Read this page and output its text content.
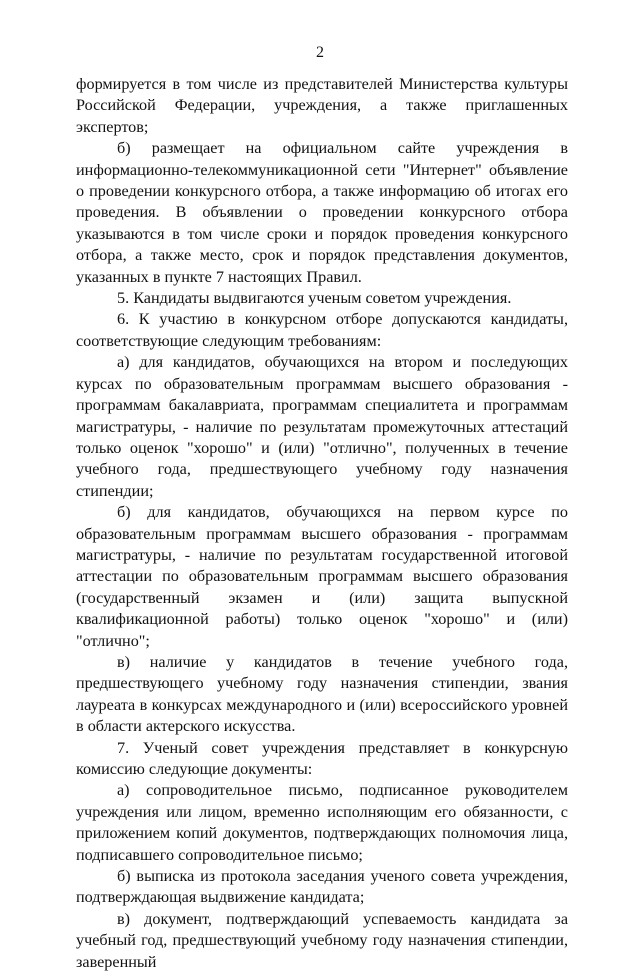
2

формируется в том числе из представителей Министерства культуры Российской Федерации, учреждения, а также приглашенных экспертов;

б) размещает на официальном сайте учреждения в информационно-телекоммуникационной сети "Интернет" объявление о проведении конкурсного отбора, а также информацию об итогах его проведения. В объявлении о проведении конкурсного отбора указываются в том числе сроки и порядок проведения конкурсного отбора, а также место, срок и порядок представления документов, указанных в пункте 7 настоящих Правил.

5. Кандидаты выдвигаются ученым советом учреждения.

6. К участию в конкурсном отборе допускаются кандидаты, соответствующие следующим требованиям:

а) для кандидатов, обучающихся на втором и последующих курсах по образовательным программам высшего образования - программам бакалавриата, программам специалитета и программам магистратуры, - наличие по результатам промежуточных аттестаций только оценок "хорошо" и (или) "отлично", полученных в течение учебного года, предшествующего учебному году назначения стипендии;

б) для кандидатов, обучающихся на первом курсе по образовательным программам высшего образования - программам магистратуры, - наличие по результатам государственной итоговой аттестации по образовательным программам высшего образования (государственный экзамен и (или) защита выпускной квалификационной работы) только оценок "хорошо" и (или) "отлично";

в) наличие у кандидатов в течение учебного года, предшествующего учебному году назначения стипендии, звания лауреата в конкурсах международного и (или) всероссийского уровней в области актерского искусства.

7. Ученый совет учреждения представляет в конкурсную комиссию следующие документы:

а) сопроводительное письмо, подписанное руководителем учреждения или лицом, временно исполняющим его обязанности, с приложением копий документов, подтверждающих полномочия лица, подписавшего сопроводительное письмо;

б) выписка из протокола заседания ученого совета учреждения, подтверждающая выдвижение кандидата;

в) документ, подтверждающий успеваемость кандидата за учебный год, предшествующий учебному году назначения стипендии, заверенный
